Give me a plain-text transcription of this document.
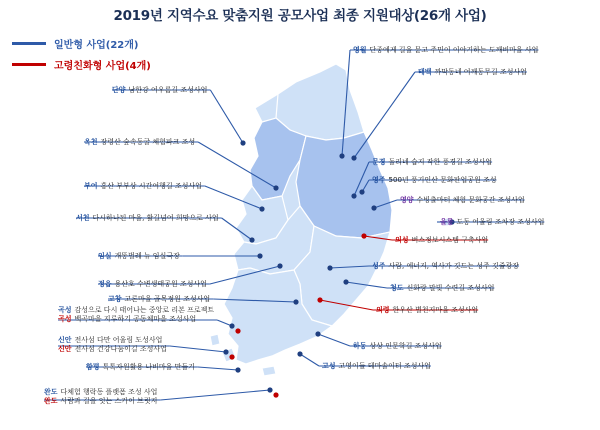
2019년 지역수요 맞춤지원 공모사업 최종 지원대상(26개 사업)
일반형 사업(22개)
고령친화형 사업(4개)
단양 남한강 어우름길 조성사업
옥천 장령산 숲속동굴 체험파크 조성
부여 홍산 부부상 시간여행길 조성사업
서천 다시하나된 마을, 활길넘어 희망으로 사업
임실 개똥벌레 뉴 임실극장
정읍 용산호 수변생태공원 조성사업
고창 고론마을 골목정원 조성사업
곡성 감성으로 다시 태어나는 중앙로 리본 프로젝트
곡성 백곡마을 지루하기 공동체마을 조성사업
신안 전사섬 다만 어울림 도성사업
신안 전사섬 건강나눔이길 조성사업
함평 톡톡자원활용 나비마을 만들기
완도 다체험 행락동 플랫폼 조성 사업
완도 사람과 길을 잇는 스카이 브릿지
영월 단종에게 길을 묻고 주민이 이야기하는 도깨비마을 사업
태백 까막동네 어깨동무길 조성사업
문경 돌리네 습지 작한 풍경길 조성사업
영주 500년 풍기인산 문화판업공원 조성
영양 수빙출마터 체험 문화공간 조성사업
울릉 도동 어울림 조차장 조성사업
의성 버스정보시스템 구축사업
성주 사람, 에너지, 역사가 깃드는 성주 깃쥴광장
청도 신화랑 말빛 수련길 조성사업
의령 한우산 별천지마을 조성사업
하동 상상 인문학길 조성사업
고성 고영이들 테마솔이터 조성사업
